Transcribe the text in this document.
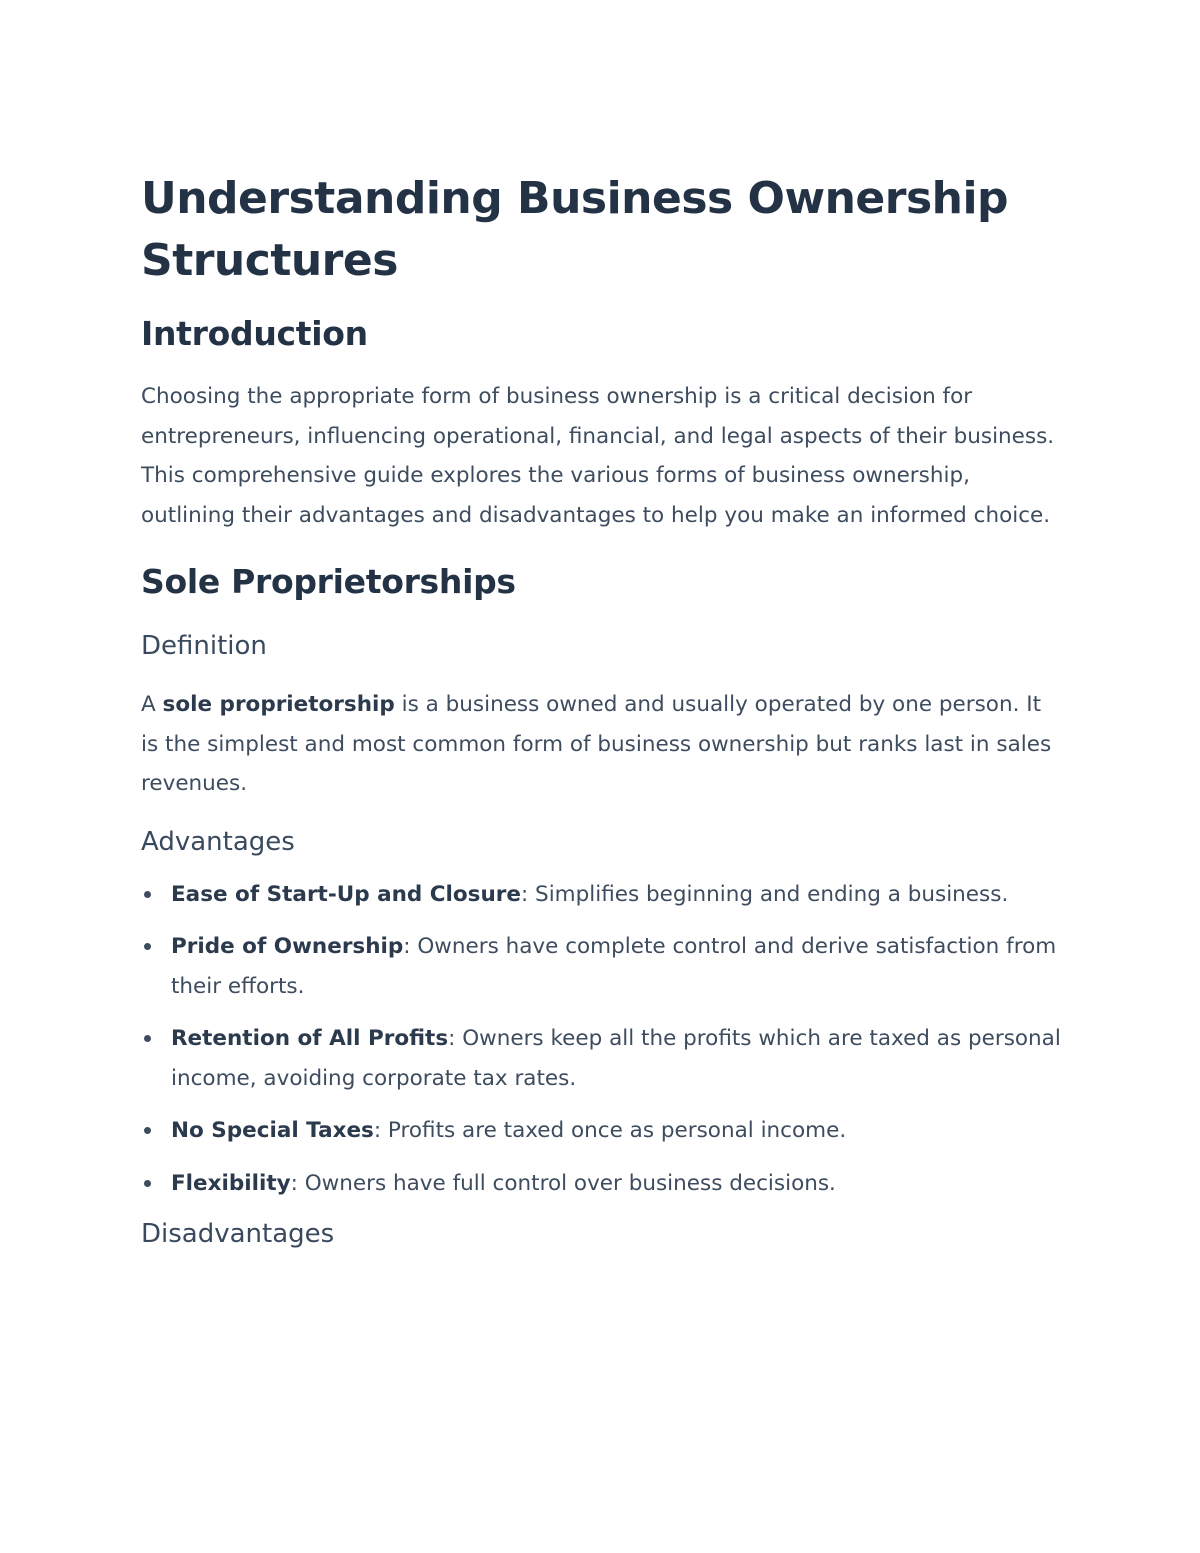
Understanding Business Ownership Structures
Introduction

Choosing the appropriate form of business ownership is a critical decision for entrepreneurs, influencing operational, financial, and legal aspects of their business. This comprehensive guide explores the various forms of business ownership, outlining their advantages and disadvantages to help you make an informed choice.

Sole Proprietorships
Definition

A sole proprietorship is a business owned and usually operated by one person. It is the simplest and most common form of business ownership but ranks last in sales revenues.

Advantages
Ease of Start-Up and Closure: Simplifies beginning and ending a business.
Pride of Ownership: Owners have complete control and derive satisfaction from their efforts.
Retention of All Profits: Owners keep all the profits which are taxed as personal income, avoiding corporate tax rates.
No Special Taxes: Profits are taxed once as personal income.
Flexibility: Owners have full control over business decisions.
Disadvantages
